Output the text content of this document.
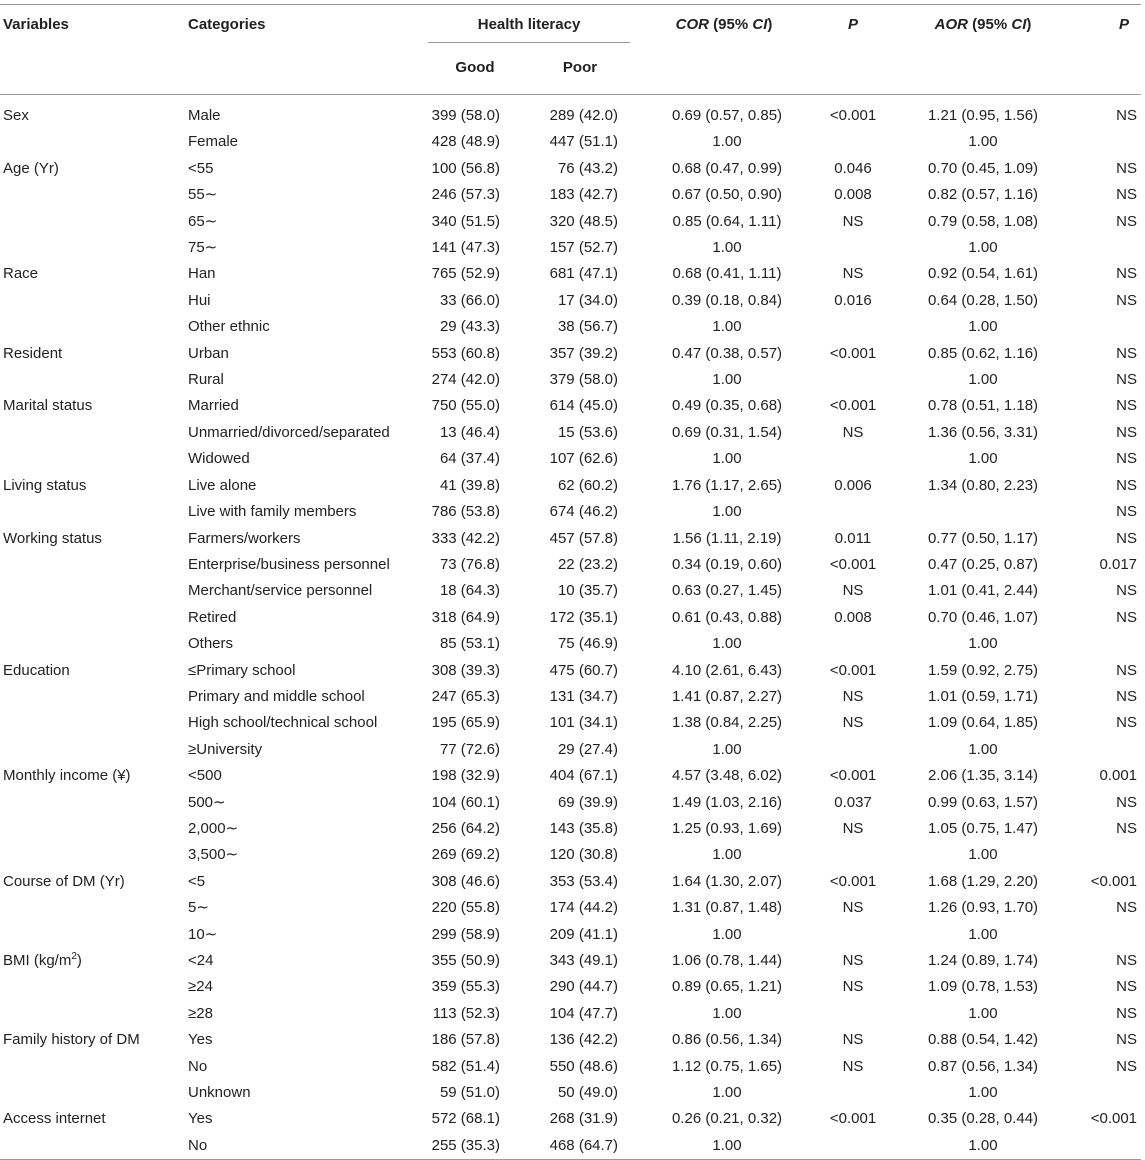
Variables	Categories	Health literacy		COR (95% CI)	P	AOR (95% CI)	P
		Good	Poor				
Sex	Male	399 (58.0)	289 (42.0)	0.69 (0.57, 0.85)	<0.001	1.21 (0.95, 1.56)	NS
	Female	428 (48.9)	447 (51.1)	1.00		1.00	
Age (Yr)	<55	100 (56.8)	76 (43.2)	0.68 (0.47, 0.99)	0.046	0.70 (0.45, 1.09)	NS
	55∼	246 (57.3)	183 (42.7)	0.67 (0.50, 0.90)	0.008	0.82 (0.57, 1.16)	NS
	65∼	340 (51.5)	320 (48.5)	0.85 (0.64, 1.11)	NS	0.79 (0.58, 1.08)	NS
	75∼	141 (47.3)	157 (52.7)	1.00		1.00	
Race	Han	765 (52.9)	681 (47.1)	0.68 (0.41, 1.11)	NS	0.92 (0.54, 1.61)	NS
	Hui	33 (66.0)	17 (34.0)	0.39 (0.18, 0.84)	0.016	0.64 (0.28, 1.50)	NS
	Other ethnic	29 (43.3)	38 (56.7)	1.00		1.00	
Resident	Urban	553 (60.8)	357 (39.2)	0.47 (0.38, 0.57)	<0.001	0.85 (0.62, 1.16)	NS
	Rural	274 (42.0)	379 (58.0)	1.00		1.00	NS
Marital status	Married	750 (55.0)	614 (45.0)	0.49 (0.35, 0.68)	<0.001	0.78 (0.51, 1.18)	NS
	Unmarried/divorced/separated	13 (46.4)	15 (53.6)	0.69 (0.31, 1.54)	NS	1.36 (0.56, 3.31)	NS
	Widowed	64 (37.4)	107 (62.6)	1.00		1.00	NS
Living status	Live alone	41 (39.8)	62 (60.2)	1.76 (1.17, 2.65)	0.006	1.34 (0.80, 2.23)	NS
	Live with family members	786 (53.8)	674 (46.2)	1.00			NS
Working status	Farmers/workers	333 (42.2)	457 (57.8)	1.56 (1.11, 2.19)	0.011	0.77 (0.50, 1.17)	NS
	Enterprise/business personnel	73 (76.8)	22 (23.2)	0.34 (0.19, 0.60)	<0.001	0.47 (0.25, 0.87)	0.017
	Merchant/service personnel	18 (64.3)	10 (35.7)	0.63 (0.27, 1.45)	NS	1.01 (0.41, 2.44)	NS
	Retired	318 (64.9)	172 (35.1)	0.61 (0.43, 0.88)	0.008	0.70 (0.46, 1.07)	NS
	Others	85 (53.1)	75 (46.9)	1.00		1.00	
Education	≤Primary school	308 (39.3)	475 (60.7)	4.10 (2.61, 6.43)	<0.001	1.59 (0.92, 2.75)	NS
	Primary and middle school	247 (65.3)	131 (34.7)	1.41 (0.87, 2.27)	NS	1.01 (0.59, 1.71)	NS
	High school/technical school	195 (65.9)	101 (34.1)	1.38 (0.84, 2.25)	NS	1.09 (0.64, 1.85)	NS
	≥University	77 (72.6)	29 (27.4)	1.00		1.00	
Monthly income (¥)	<500	198 (32.9)	404 (67.1)	4.57 (3.48, 6.02)	<0.001	2.06 (1.35, 3.14)	0.001
	500∼	104 (60.1)	69 (39.9)	1.49 (1.03, 2.16)	0.037	0.99 (0.63, 1.57)	NS
	2,000∼	256 (64.2)	143 (35.8)	1.25 (0.93, 1.69)	NS	1.05 (0.75, 1.47)	NS
	3,500∼	269 (69.2)	120 (30.8)	1.00		1.00	
Course of DM (Yr)	<5	308 (46.6)	353 (53.4)	1.64 (1.30, 2.07)	<0.001	1.68 (1.29, 2.20)	<0.001
	5∼	220 (55.8)	174 (44.2)	1.31 (0.87, 1.48)	NS	1.26 (0.93, 1.70)	NS
	10∼	299 (58.9)	209 (41.1)	1.00		1.00	
BMI $(kg/m^2)$	<24	355 (50.9)	343 (49.1)	1.06 (0.78, 1.44)	NS	1.24 (0.89, 1.74)	NS
	≥24	359 (55.3)	290 (44.7)	0.89 (0.65, 1.21)	NS	1.09 (0.78, 1.53)	NS
	≥28	113 (52.3)	104 (47.7)	1.00		1.00	NS
Family history of DM	Yes	186 (57.8)	136 (42.2)	0.86 (0.56, 1.34)	NS	0.88 (0.54, 1.42)	NS
	No	582 (51.4)	550 (48.6)	1.12 (0.75, 1.65)	NS	0.87 (0.56, 1.34)	NS
	Unknown	59 (51.0)	50 (49.0)	1.00		1.00	
Access internet	Yes	572 (68.1)	268 (31.9)	0.26 (0.21, 0.32)	<0.001	0.35 (0.28, 0.44)	<0.001
	No	255 (35.3)	468 (64.7)	1.00		1.00	
